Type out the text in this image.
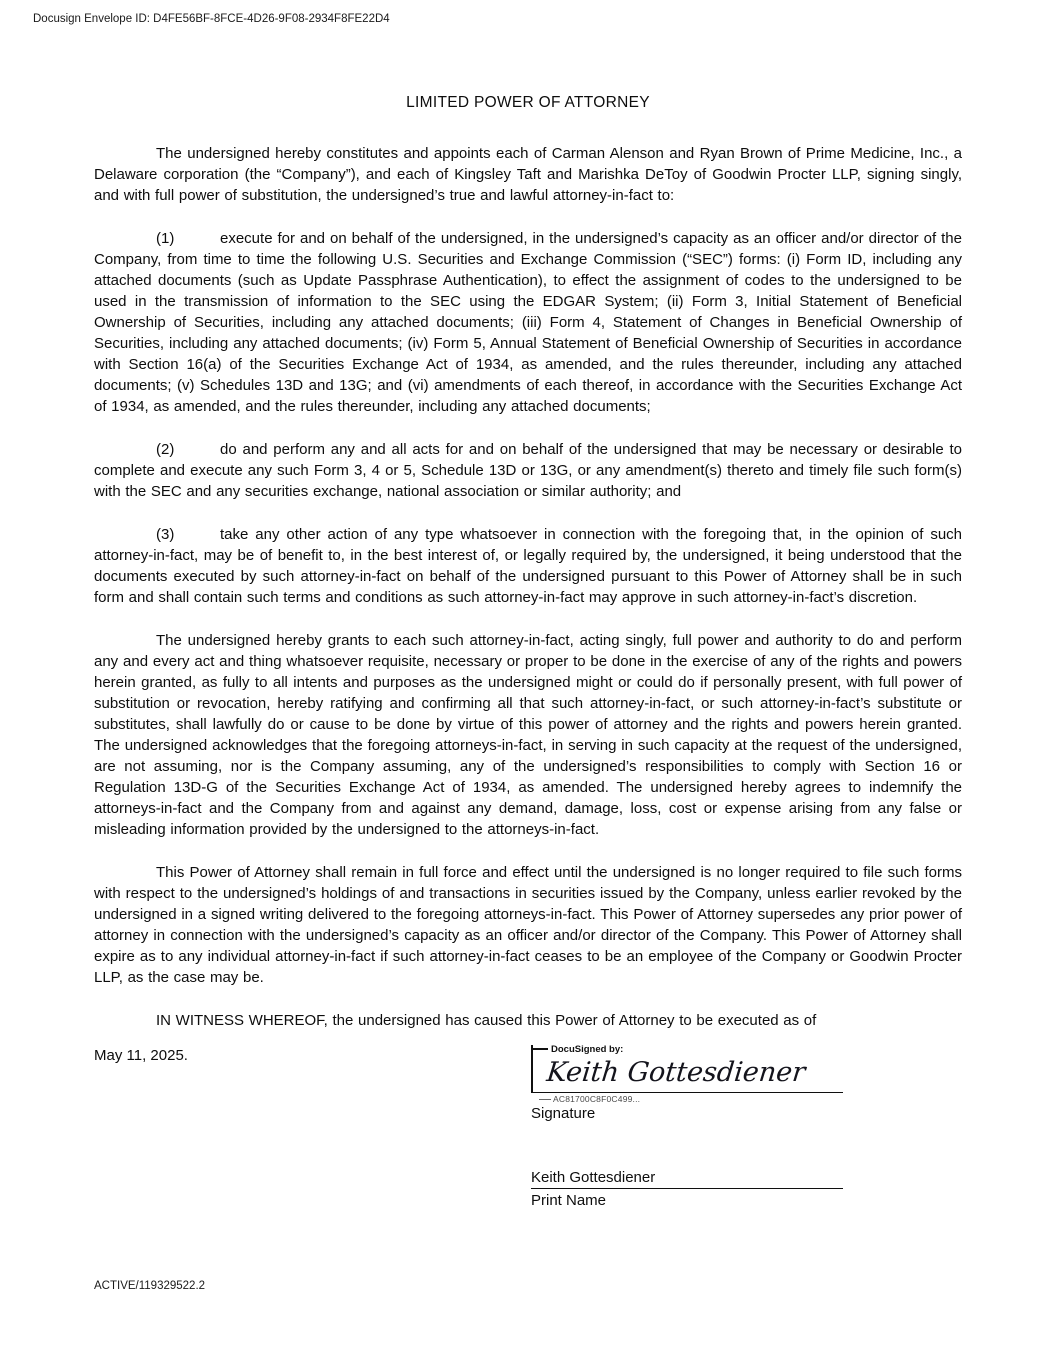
Docusign Envelope ID: D4FE56BF-8FCE-4D26-9F08-2934F8FE22D4
LIMITED POWER OF ATTORNEY

The undersigned hereby constitutes and appoints each of Carman Alenson and Ryan Brown of Prime Medicine, Inc., a Delaware corporation (the “Company”), and each of Kingsley Taft and Marishka DeToy of Goodwin Procter LLP, signing singly, and with full power of substitution, the undersigned’s true and lawful attorney-in-fact to:

(1)	execute for and on behalf of the undersigned, in the undersigned’s capacity as an officer and/or director of the Company, from time to time the following U.S. Securities and Exchange Commission (“SEC”) forms: (i) Form ID, including any attached documents (such as Update Passphrase Authentication), to effect the assignment of codes to the undersigned to be used in the transmission of information to the SEC using the EDGAR System; (ii) Form 3, Initial Statement of Beneficial Ownership of Securities, including any attached documents; (iii) Form 4, Statement of Changes in Beneficial Ownership of Securities, including any attached documents; (iv) Form 5, Annual Statement of Beneficial Ownership of Securities in accordance with Section 16(a) of the Securities Exchange Act of 1934, as amended, and the rules thereunder, including any attached documents; (v) Schedules 13D and 13G; and (vi) amendments of each thereof, in accordance with the Securities Exchange Act of 1934, as amended, and the rules thereunder, including any attached documents;

(2)	do and perform any and all acts for and on behalf of the undersigned that may be necessary or desirable to complete and execute any such Form 3, 4 or 5, Schedule 13D or 13G, or any amendment(s) thereto and timely file such form(s) with the SEC and any securities exchange, national association or similar authority; and

(3)	take any other action of any type whatsoever in connection with the foregoing that, in the opinion of such attorney-in-fact, may be of benefit to, in the best interest of, or legally required by, the undersigned, it being understood that the documents executed by such attorney-in-fact on behalf of the undersigned pursuant to this Power of Attorney shall be in such form and shall contain such terms and conditions as such attorney-in-fact may approve in such attorney-in-fact’s discretion.

The undersigned hereby grants to each such attorney-in-fact, acting singly, full power and authority to do and perform any and every act and thing whatsoever requisite, necessary or proper to be done in the exercise of any of the rights and powers herein granted, as fully to all intents and purposes as the undersigned might or could do if personally present, with full power of substitution or revocation, hereby ratifying and confirming all that such attorney-in-fact, or such attorney-in-fact’s substitute or substitutes, shall lawfully do or cause to be done by virtue of this power of attorney and the rights and powers herein granted. The undersigned acknowledges that the foregoing attorneys-in-fact, in serving in such capacity at the request of the undersigned, are not assuming, nor is the Company assuming, any of the undersigned’s responsibilities to comply with Section 16 or Regulation 13D-G of the Securities Exchange Act of 1934, as amended. The undersigned hereby agrees to indemnify the attorneys-in-fact and the Company from and against any demand, damage, loss, cost or expense arising from any false or misleading information provided by the undersigned to the attorneys-in-fact.

This Power of Attorney shall remain in full force and effect until the undersigned is no longer required to file such forms with respect to the undersigned’s holdings of and transactions in securities issued by the Company, unless earlier revoked by the undersigned in a signed writing delivered to the foregoing attorneys-in-fact. This Power of Attorney supersedes any prior power of attorney in connection with the undersigned’s capacity as an officer and/or director of the Company. This Power of Attorney shall expire as to any individual attorney-in-fact if such attorney-in-fact ceases to be an employee of the Company or Goodwin Procter LLP, as the case may be.

IN WITNESS WHEREOF, the undersigned has caused this Power of Attorney to be executed as of

May 11, 2025.	DocuSigned by:
Keith Gottesdiener
AC81700C8F0C499...
Signature
Keith Gottesdiener
Print Name
ACTIVE/119329522.2
